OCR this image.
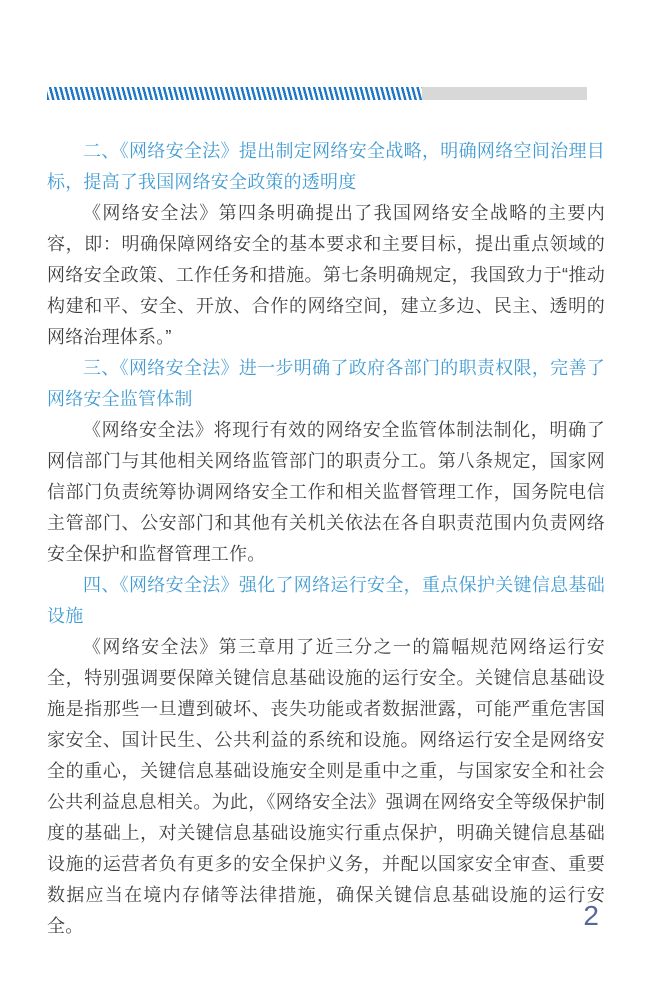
二、《网络安全法》提出制定网络安全战略，明确网络空间治理目标，提高了我国网络安全政策的透明度

《网络安全法》第四条明确提出了我国网络安全战略的主要内容，即：明确保障网络安全的基本要求和主要目标，提出重点领域的网络安全政策、工作任务和措施。第七条明确规定，我国致力于“推动构建和平、安全、开放、合作的网络空间，建立多边、民主、透明的网络治理体系。”

三、《网络安全法》进一步明确了政府各部门的职责权限，完善了网络安全监管体制

《网络安全法》将现行有效的网络安全监管体制法制化，明确了网信部门与其他相关网络监管部门的职责分工。第八条规定，国家网信部门负责统筹协调网络安全工作和相关监督管理工作，国务院电信主管部门、公安部门和其他有关机关依法在各自职责范围内负责网络安全保护和监督管理工作。

四、《网络安全法》强化了网络运行安全，重点保护关键信息基础设施

《网络安全法》第三章用了近三分之一的篇幅规范网络运行安全，特别强调要保障关键信息基础设施的运行安全。关键信息基础设施是指那些一旦遭到破坏、丧失功能或者数据泄露，可能严重危害国家安全、国计民生、公共利益的系统和设施。网络运行安全是网络安全的重心，关键信息基础设施安全则是重中之重，与国家安全和社会公共利益息息相关。为此，《网络安全法》强调在网络安全等级保护制度的基础上，对关键信息基础设施实行重点保护，明确关键信息基础设施的运营者负有更多的安全保护义务，并配以国家安全审查、重要数据应当在境内存储等法律措施，确保关键信息基础设施的运行安全。	2
